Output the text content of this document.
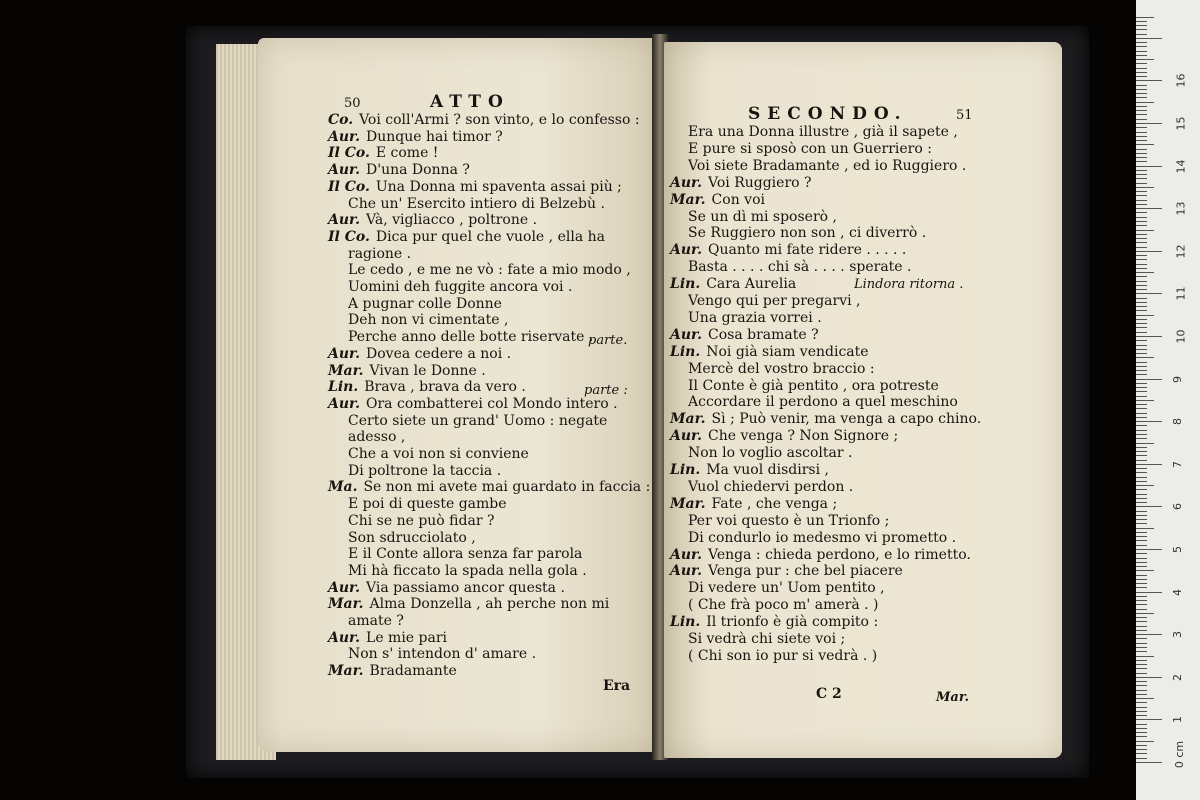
50	ATTO
Co. Voi coll'Armi ? son vinto, e lo confesso :
Aur. Dunque hai timor ?
Il Co. E come !
Aur. D'una Donna ?
Il Co. Una Donna mi spaventa assai più ;
Che un' Esercito intiero di Belzebù .
Aur. Và, vigliacco , poltrone .
Il Co. Dica pur quel che vuole , ella ha
ragione .
Le cedo , e me ne vò : fate a mio modo ,
Uomini deh fuggite ancora voi .
A pugnar colle Donne
Deh non vi cimentate ,
Perche anno delle botte riservate .
Aur. Dovea cedere a noi .
Mar. Vivan le Donne .
Lin. Brava , brava da vero .
Aur. Ora combatterei col Mondo intero .
Certo siete un grand' Uomo : negate
adesso ,
Che a voi non si conviene
Di poltrone la taccia .
Ma. Se non mi avete mai guardato in faccia :
E poi di queste gambe
Chi se ne può fidar ?
Son sdrucciolato ,
E il Conte allora senza far parola
Mi hà ficcato la spada nella gola .
Aur. Via passiamo ancor questa .
Mar. Alma Donzella , ah perche non mi
amate ?
Aur. Le mie pari
Non s' intendon d' amare .
Mar. Bradamante
parte.
parte :
Era
SECONDO.	51
Era una Donna illustre , già il sapete ,
E pure si sposò con un Guerriero :
Voi siete Bradamante , ed io Ruggiero .
Aur. Voi Ruggiero ?
Mar. Con voi
Se un dì mi sposerò ,
Se Ruggiero non son , ci diverrò .
Aur. Quanto mi fate ridere . . . . .
Basta . . . . chi sà . . . . sperate .
Lin. Cara Aurelia
Vengo qui per pregarvi ,
Una grazia vorrei .
Aur. Cosa bramate ?
Lin. Noi già siam vendicate
Mercè del vostro braccio :
Il Conte è già pentito , ora potreste
Accordare il perdono a quel meschino
Mar. Sì ; Può venir, ma venga a capo chino.
Aur. Che venga ? Non Signore ;
Non lo voglio ascoltar .
Lin. Ma vuol disdirsi ,
Vuol chiedervi perdon .
Mar. Fate , che venga ;
Per voi questo è un Trionfo ;
Di condurlo io medesmo vi prometto .
Aur. Venga : chieda perdono, e lo rimetto.
Aur. Venga pur : che bel piacere
Di vedere un' Uom pentito ,
( Che frà poco m' amerà . )
Lin. Il trionfo è già compito :
Si vedrà chi siete voi ;
( Chi son io pur si vedrà . )
Lindora ritorna .
C 2	Mar.
0 cm
1
2
3
4
5
6
7
8
9
10
11
12
13
14
15
16
